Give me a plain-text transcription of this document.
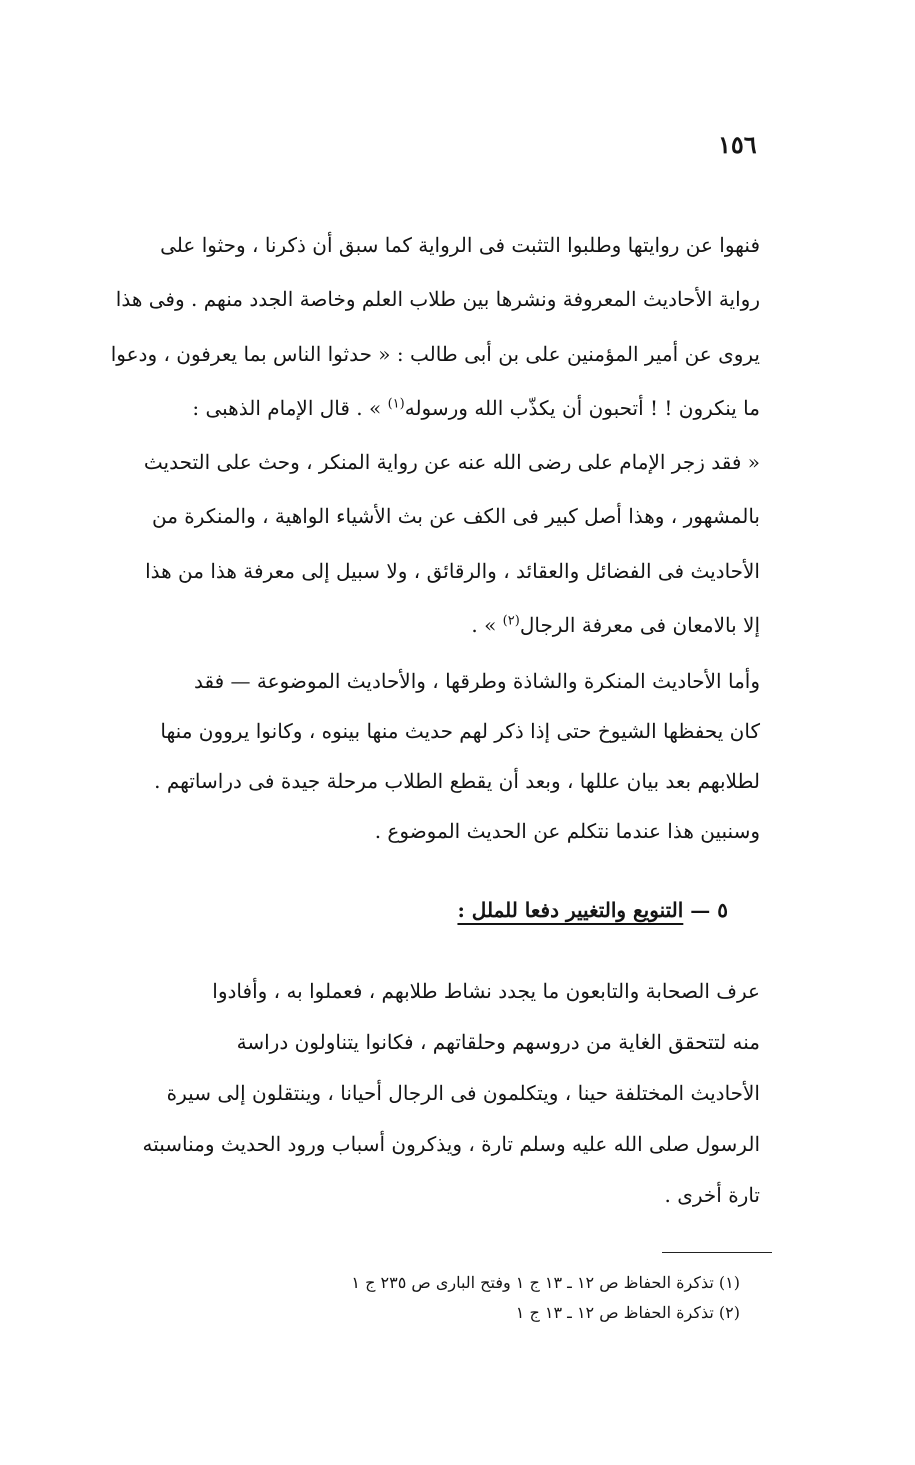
١٥٦
فنهوا عن روايتها وطلبوا التثبت فى الرواية كما سبق أن ذكرنا ، وحثوا على
رواية الأحاديث المعروفة ونشرها بين طلاب العلم وخاصة الجدد منهم . وفى هذا
يروى عن أمير المؤمنين على بن أبى طالب : « حدثوا الناس بما يعرفون ، ودعوا
ما ينكرون ! ! أتحبون أن يكذّب الله ورسوله$^{(١)}$ » . قال الإمام الذهبى :
« فقد زجر الإمام على رضى الله عنه عن رواية المنكر ، وحث على التحديث
بالمشهور ، وهذا أصل كبير فى الكف عن بث الأشياء الواهية ، والمنكرة من
الأحاديث فى الفضائل والعقائد ، والرقائق ، ولا سبيل إلى معرفة هذا من هذا
إلا بالامعان فى معرفة الرجال$^{(٢)}$ » .
وأما الأحاديث المنكرة والشاذة وطرقها ، والأحاديث الموضوعة — فقد
كان يحفظها الشيوخ حتى إذا ذكر لهم حديث منها بينوه ، وكانوا يروون منها
لطلابهم بعد بيان عللها ، وبعد أن يقطع الطلاب مرحلة جيدة فى دراساتهم .
وسنبين هذا عندما نتكلم عن الحديث الموضوع .
٥ — التنويع والتغيير دفعا للملل :
عرف الصحابة والتابعون ما يجدد نشاط طلابهم ، فعملوا به ، وأفادوا
منه لتتحقق الغاية من دروسهم وحلقاتهم ، فكانوا يتناولون دراسة
الأحاديث المختلفة حينا ، ويتكلمون فى الرجال أحيانا ، وينتقلون إلى سيرة
الرسول صلى الله عليه وسلم تارة ، ويذكرون أسباب ورود الحديث ومناسبته
تارة أخرى .
(١) تذكرة الحفاظ ص ١٢ ـ ١٣ ج ١ وفتح البارى ص ٢٣٥ ج ١
(٢) تذكرة الحفاظ ص ١٢ ـ ١٣ ج ١
